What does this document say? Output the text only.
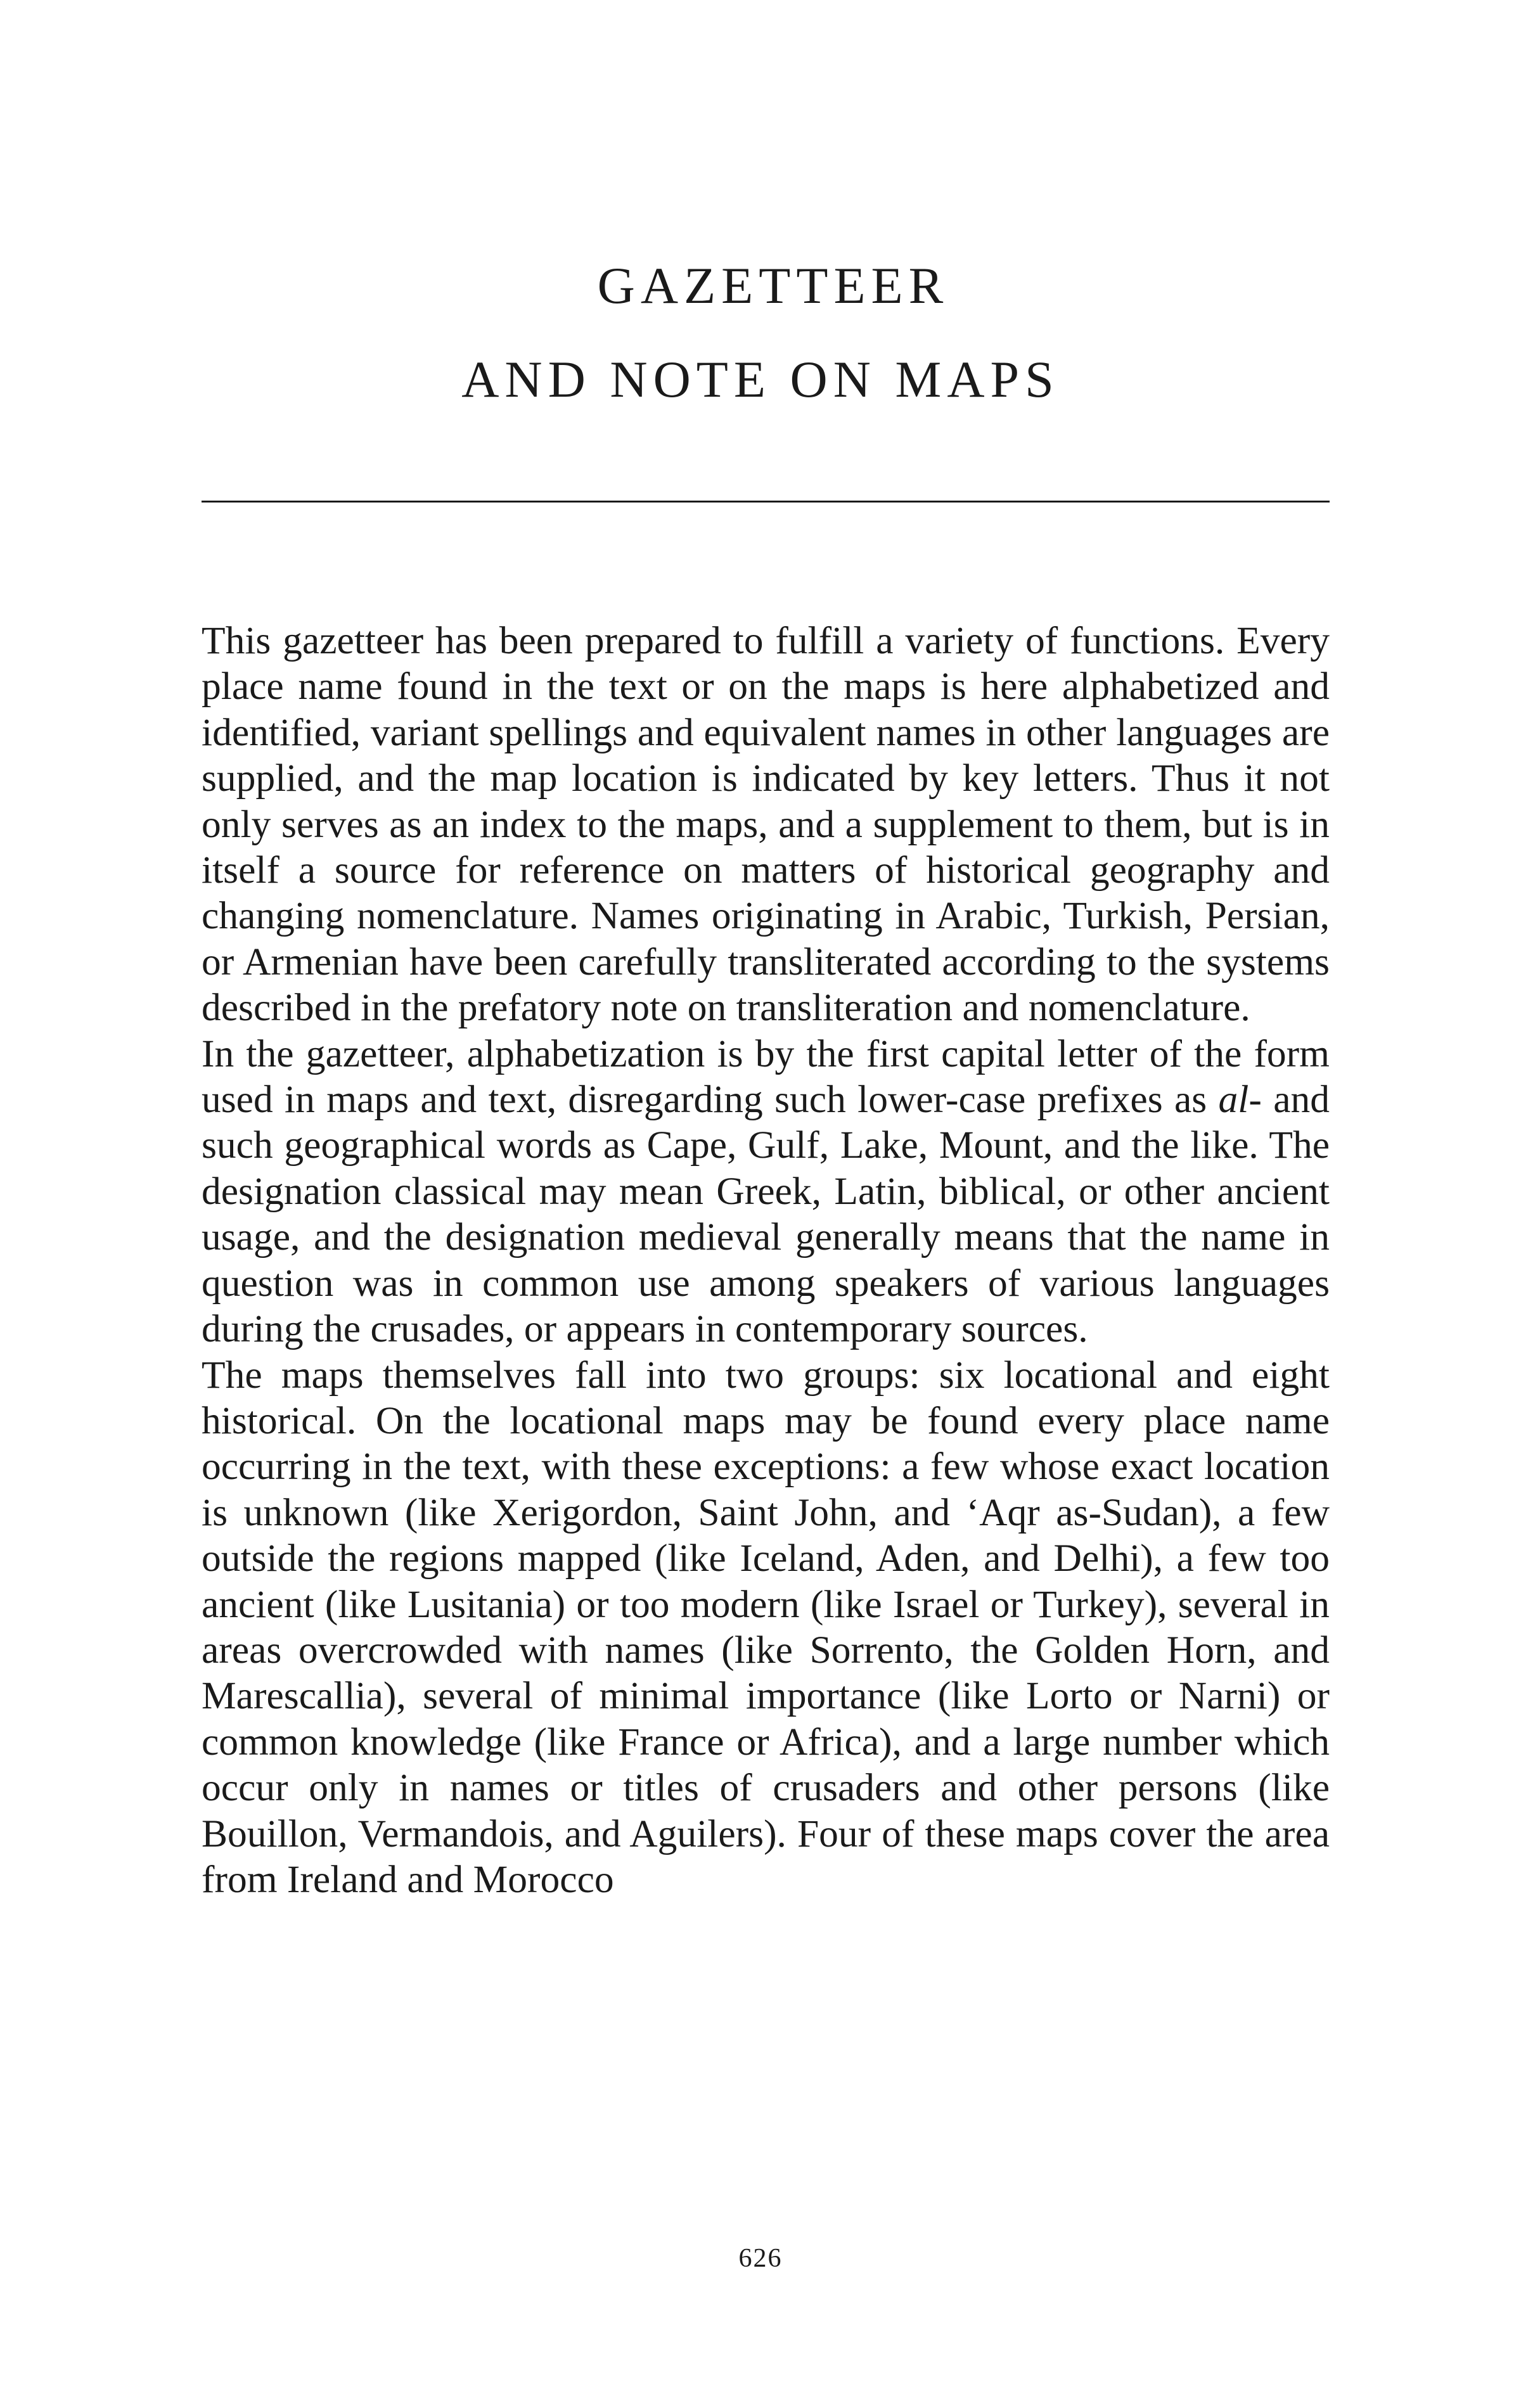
GAZETTEER
AND NOTE ON MAPS

This gazetteer has been prepared to fulfill a variety of functions. Every place name found in the text or on the maps is here alphabetized and identified, variant spellings and equivalent names in other languages are supplied, and the map location is indicated by key letters. Thus it not only serves as an index to the maps, and a supplement to them, but is in itself a source for reference on matters of historical geography and changing nomenclature. Names originating in Arabic, Turkish, Persian, or Armenian have been carefully transliterated according to the systems described in the prefatory note on transliteration and nomenclature.

In the gazetteer, alphabetization is by the first capital letter of the form used in maps and text, disregarding such lower-case prefixes as al- and such geographical words as Cape, Gulf, Lake, Mount, and the like. The designation classical may mean Greek, Latin, biblical, or other ancient usage, and the designation medieval generally means that the name in question was in common use among speakers of various languages during the crusades, or appears in contemporary sources.

The maps themselves fall into two groups: six locational and eight historical. On the locational maps may be found every place name occurring in the text, with these exceptions: a few whose exact location is unknown (like Xerigordon, Saint John, and ‘Aqr as-Sudan), a few outside the regions mapped (like Iceland, Aden, and Delhi), a few too ancient (like Lusitania) or too modern (like Israel or Turkey), several in areas overcrowded with names (like Sorrento, the Golden Horn, and Marescallia), several of minimal importance (like Lorto or Narni) or common knowledge (like France or Africa), and a large number which occur only in names or titles of crusaders and other persons (like Bouillon, Vermandois, and Aguilers). Four of these maps cover the area from Ireland and Morocco

626
